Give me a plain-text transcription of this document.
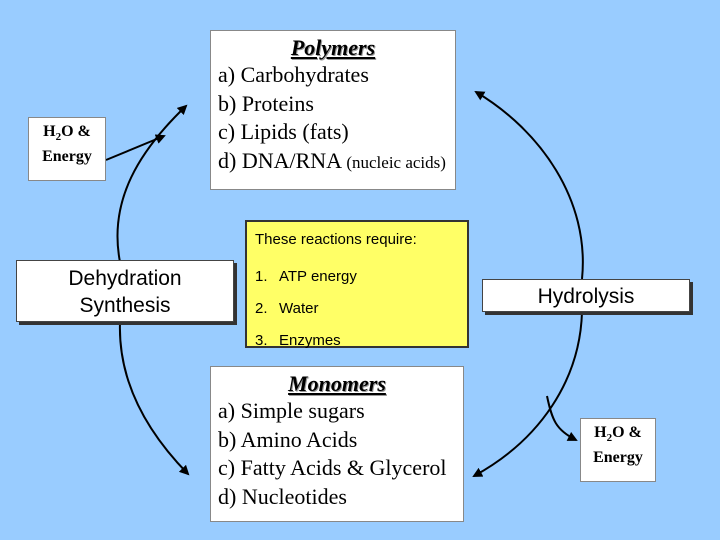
Polymers
a) Carbohydrates
b) Proteins
c) Lipids (fats)
d) DNA/RNA (nucleic acids)
Monomers
a) Simple sugars
b) Amino Acids
c) Fatty Acids & Glycerol
d) Nucleotides
$H_2O$ &
Energy
$H_2O$ &
Energy
Dehydration
Synthesis	Hydrolysis
These reactions require:
1. ATP energy
2. Water
3. Enzymes
